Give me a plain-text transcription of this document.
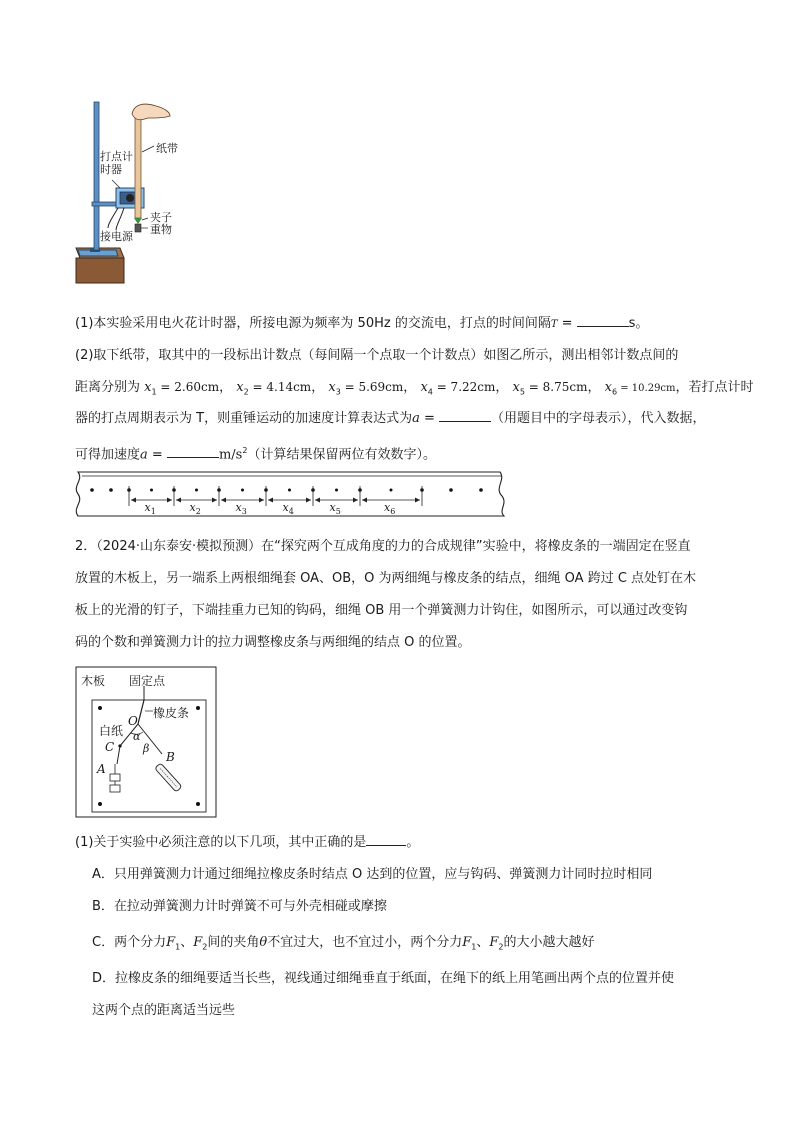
打点计
时器
纸带
夹子
重物
接电源
(1)本实验采用电火花计时器，所接电源为频率为 50Hz 的交流电，打点的时间间隔T =	s。
(2)取下纸带，取其中的一段标出计数点（每间隔一个点取一个计数点）如图乙所示，测出相邻计数点间的
距离分别为 $x_1 = 2.60cm$， $x_2 = 4.14cm$， $x_3 = 5.69cm$， $x_4 = 7.22cm$， $x_5 = 8.75cm$， $x_6 = 10.29cm$，若打点计时
器的打点周期表示为 T，则重锤运动的加速度计算表达式为a =	（用题目中的字母表示），代入数据，
可得加速度a =	$m/s^2$（计算结果保留两位有效数字）。
$x_1$	$x_2$	$x_3$	$x_4$	$x_5$	$x_6$
2．（2024·山东泰安·模拟预测）在“探究两个互成角度的力的合成规律”实验中，将橡皮条的一端固定在竖直
放置的木板上，另一端系上两根细绳套 OA、OB，O 为两细绳与橡皮条的结点，细绳 OA 跨过 C 点处钉在木
板上的光滑的钉子，下端挂重力已知的钩码，细绳 OB 用一个弹簧测力计钩住，如图所示，可以通过改变钩
码的个数和弹簧测力计的拉力调整橡皮条与两细绳的结点 O 的位置。
木板 固定点
橡皮条
白纸
O
C
A
B
α
β
(1)关于实验中必须注意的以下几项，其中正确的是	。
A．只用弹簧测力计通过细绳拉橡皮条时结点 O 达到的位置，应与钩码、弹簧测力计同时拉时相同
B．在拉动弹簧测力计时弹簧不可与外壳相碰或摩擦
C．两个分力$F_1$、$F_2$间的夹角θ不宜过大，也不宜过小，两个分力$F_1$、$F_2$的大小越大越好
D．拉橡皮条的细绳要适当长些，视线通过细绳垂直于纸面，在绳下的纸上用笔画出两个点的位置并使
这两个点的距离适当远些
